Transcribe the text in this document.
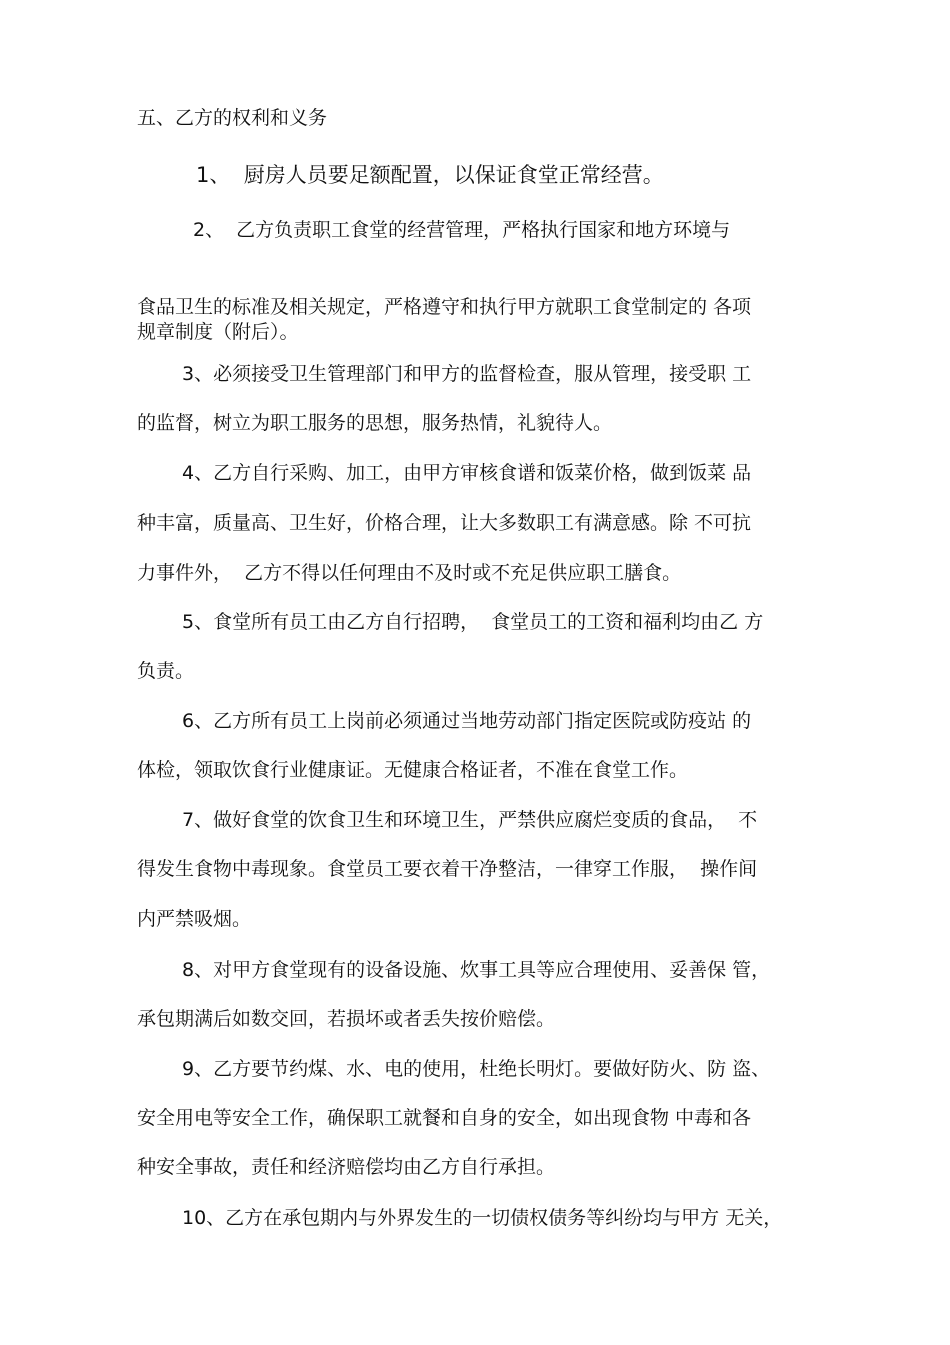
五、乙方的权利和义务
1、  厨房人员要足额配置，以保证食堂正常经营。
2、  乙方负责职工食堂的经营管理，严格执行国家和地方环境与
食品卫生的标准及相关规定，严格遵守和执行甲方就职工食堂制定的 各项
规章制度（附后）。
3、必须接受卫生管理部门和甲方的监督检查，服从管理，接受职 工
的监督，树立为职工服务的思想，服务热情，礼貌待人。
4、乙方自行采购、加工，由甲方审核食谱和饭菜价格，做到饭菜 品
种丰富，质量高、卫生好，价格合理，让大多数职工有满意感。除 不可抗
力事件外，  乙方不得以任何理由不及时或不充足供应职工膳食。
5、食堂所有员工由乙方自行招聘，  食堂员工的工资和福利均由乙 方
负责。
6、乙方所有员工上岗前必须通过当地劳动部门指定医院或防疫站 的
体检，领取饮食行业健康证。无健康合格证者，不准在食堂工作。
7、做好食堂的饮食卫生和环境卫生，严禁供应腐烂变质的食品，  不
得发生食物中毒现象。食堂员工要衣着干净整洁，一律穿工作服，  操作间
内严禁吸烟。
8、对甲方食堂现有的设备设施、炊事工具等应合理使用、妥善保 管，
承包期满后如数交回，若损坏或者丢失按价赔偿。
9、乙方要节约煤、水、电的使用，杜绝长明灯。要做好防火、防 盗、
安全用电等安全工作，确保职工就餐和自身的安全，如出现食物 中毒和各
种安全事故，责任和经济赔偿均由乙方自行承担。
10、乙方在承包期内与外界发生的一切债权债务等纠纷均与甲方 无关，
